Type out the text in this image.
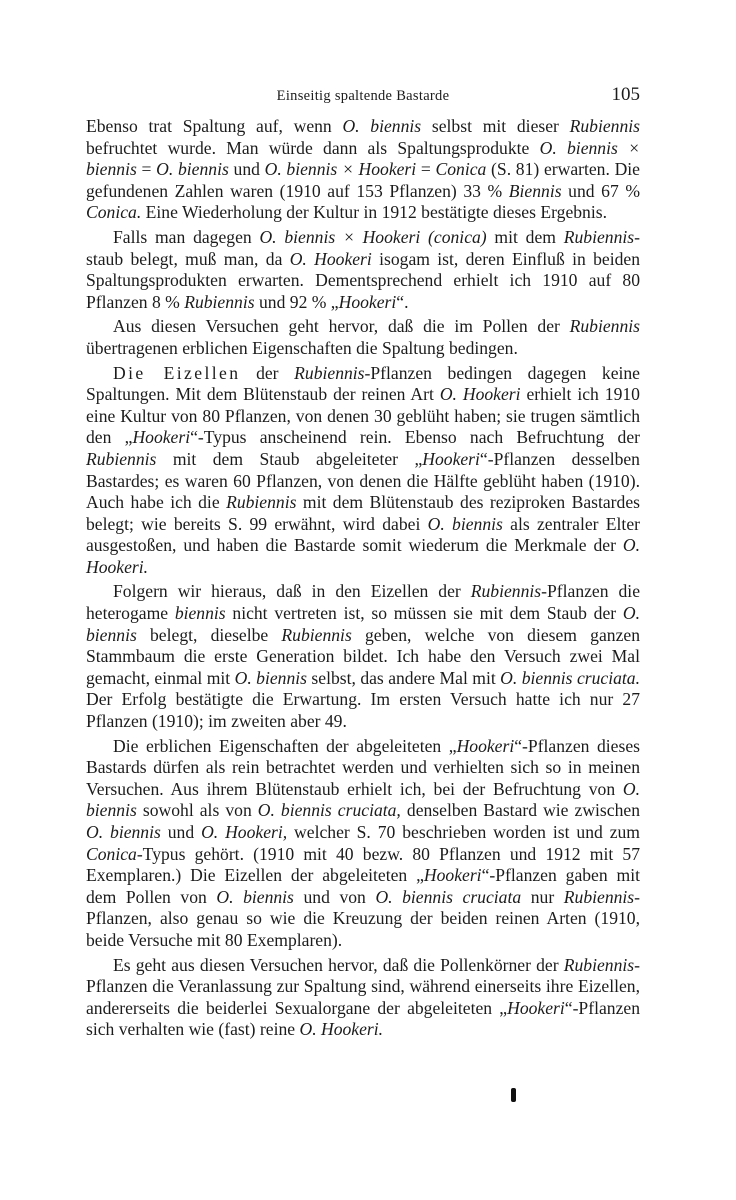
Einseitig spaltende Bastarde	105

Ebenso trat Spaltung auf, wenn O. biennis selbst mit dieser Rubiennis befruchtet wurde. Man würde dann als Spaltungsprodukte O. biennis × biennis = O. biennis und O. biennis × Hookeri = Conica (S. 81) erwarten. Die gefundenen Zahlen waren (1910 auf 153 Pflanzen) 33 % Biennis und 67 % Conica. Eine Wiederholung der Kultur in 1912 bestätigte dieses Ergebnis.

Falls man dagegen O. biennis × Hookeri (conica) mit dem Rubiennis-staub belegt, muß man, da O. Hookeri isogam ist, deren Einfluß in beiden Spaltungsprodukten erwarten. Dementsprechend erhielt ich 1910 auf 80 Pflanzen 8 % Rubiennis und 92 % „Hookeri“.

Aus diesen Versuchen geht hervor, daß die im Pollen der Rubiennis übertragenen erblichen Eigenschaften die Spaltung bedingen.

Die Eizellen der Rubiennis-Pflanzen bedingen dagegen keine Spaltungen. Mit dem Blütenstaub der reinen Art O. Hookeri erhielt ich 1910 eine Kultur von 80 Pflanzen, von denen 30 geblüht haben; sie trugen sämtlich den „Hookeri“-Typus anscheinend rein. Ebenso nach Befruchtung der Rubiennis mit dem Staub abgeleiteter „Hookeri“-Pflanzen desselben Bastardes; es waren 60 Pflanzen, von denen die Hälfte geblüht haben (1910). Auch habe ich die Rubiennis mit dem Blütenstaub des reziproken Bastardes belegt; wie bereits S. 99 erwähnt, wird dabei O. biennis als zentraler Elter ausgestoßen, und haben die Bastarde somit wiederum die Merkmale der O. Hookeri.

Folgern wir hieraus, daß in den Eizellen der Rubiennis-Pflanzen die heterogame biennis nicht vertreten ist, so müssen sie mit dem Staub der O. biennis belegt, dieselbe Rubiennis geben, welche von diesem ganzen Stammbaum die erste Generation bildet. Ich habe den Versuch zwei Mal gemacht, einmal mit O. biennis selbst, das andere Mal mit O. biennis cruciata. Der Erfolg bestätigte die Erwartung. Im ersten Versuch hatte ich nur 27 Pflanzen (1910); im zweiten aber 49.

Die erblichen Eigenschaften der abgeleiteten „Hookeri“-Pflanzen dieses Bastards dürfen als rein betrachtet werden und verhielten sich so in meinen Versuchen. Aus ihrem Blütenstaub erhielt ich, bei der Befruchtung von O. biennis sowohl als von O. biennis cruciata, denselben Bastard wie zwischen O. biennis und O. Hookeri, welcher S. 70 beschrieben worden ist und zum Conica-Typus gehört. (1910 mit 40 bezw. 80 Pflanzen und 1912 mit 57 Exemplaren.) Die Eizellen der abgeleiteten „Hookeri“-Pflanzen gaben mit dem Pollen von O. biennis und von O. biennis cruciata nur Rubiennis-Pflanzen, also genau so wie die Kreuzung der beiden reinen Arten (1910, beide Versuche mit 80 Exemplaren).

Es geht aus diesen Versuchen hervor, daß die Pollenkörner der Rubiennis-Pflanzen die Veranlassung zur Spaltung sind, während einerseits ihre Eizellen, andererseits die beiderlei Sexualorgane der abgeleiteten „Hookeri“-Pflanzen sich verhalten wie (fast) reine O. Hookeri.
